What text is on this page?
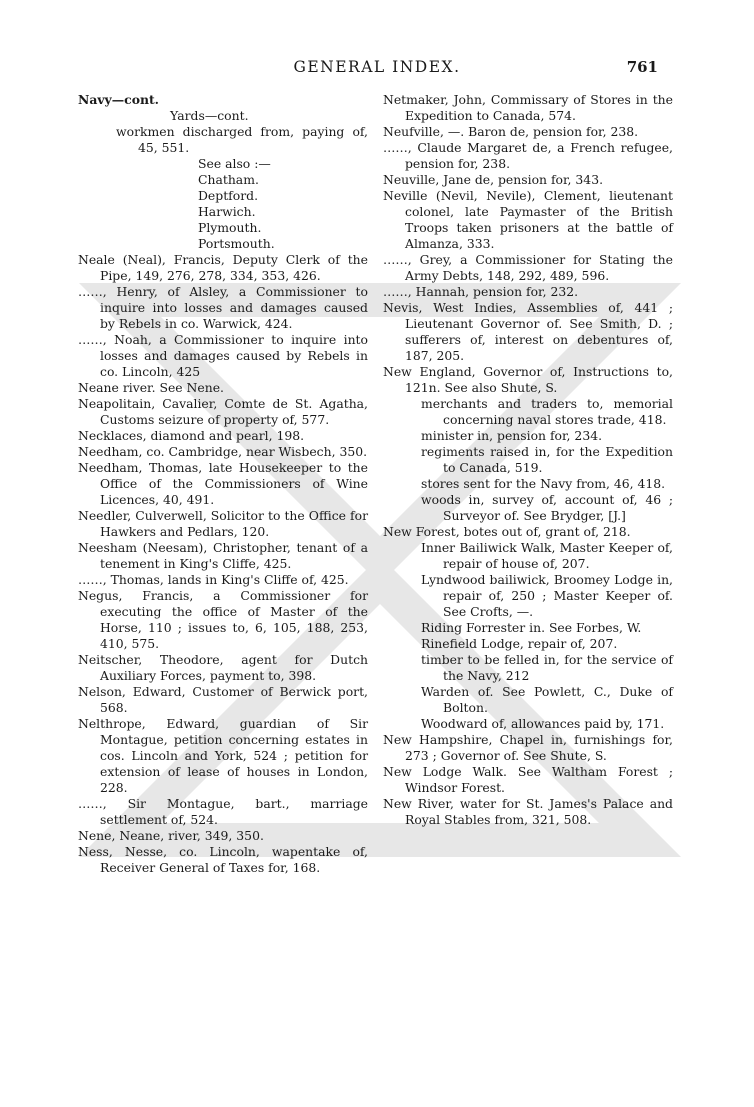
GENERAL INDEX.	761
Navy—cont.
Yards—cont.
workmen discharged from, paying of, 45, 551.
See also :—
Chatham.
Deptford.
Harwich.
Plymouth.
Portsmouth.
Neale (Neal), Francis, Deputy Clerk of the Pipe, 149, 276, 278, 334, 353, 426.
……, Henry, of Alsley, a Commissioner to inquire into losses and damages caused by Rebels in co. Warwick, 424.
……, Noah, a Commissioner to inquire into losses and damages caused by Rebels in co. Lincoln, 425
Neane river. See Nene.
Neapolitain, Cavalier, Comte de St. Agatha, Customs seizure of property of, 577.
Necklaces, diamond and pearl, 198.
Needham, co. Cambridge, near Wisbech, 350.
Needham, Thomas, late Housekeeper to the Office of the Commissioners of Wine Licences, 40, 491.
Needler, Culverwell, Solicitor to the Office for Hawkers and Pedlars, 120.
Neesham (Neesam), Christopher, tenant of a tenement in King's Cliffe, 425.
……, Thomas, lands in King's Cliffe of, 425.
Negus, Francis, a Commissioner for executing the office of Master of the Horse, 110 ; issues to, 6, 105, 188, 253, 410, 575.
Neitscher, Theodore, agent for Dutch Auxiliary Forces, payment to, 398.
Nelson, Edward, Customer of Berwick port, 568.
Nelthrope, Edward, guardian of Sir Montague, petition concerning estates in cos. Lincoln and York, 524 ; petition for extension of lease of houses in London, 228.
……, Sir Montague, bart., marriage settlement of, 524.
Nene, Neane, river, 349, 350.
Ness, Nesse, co. Lincoln, wapentake of, Receiver General of Taxes for, 168.
Netmaker, John, Commissary of Stores in the Expedition to Canada, 574.
Neufville, —. Baron de, pension for, 238.
……, Claude Margaret de, a French refugee, pension for, 238.
Neuville, Jane de, pension for, 343.
Neville (Nevil, Nevile), Clement, lieutenant colonel, late Paymaster of the British Troops taken prisoners at the battle of Almanza, 333.
……, Grey, a Commissioner for Stating the Army Debts, 148, 292, 489, 596.
……, Hannah, pension for, 232.
Nevis, West Indies, Assemblies of, 441 ; Lieutenant Governor of. See Smith, D. ; sufferers of, interest on debentures of, 187, 205.
New England, Governor of, Instructions to, 121n. See also Shute, S.
merchants and traders to, memorial concerning naval stores trade, 418.
minister in, pension for, 234.
regiments raised in, for the Expedition to Canada, 519.
stores sent for the Navy from, 46, 418.
woods in, survey of, account of, 46 ; Surveyor of. See Brydger, [J.]
New Forest, botes out of, grant of, 218.
Inner Bailiwick Walk, Master Keeper of, repair of house of, 207.
Lyndwood bailiwick, Broomey Lodge in, repair of, 250 ; Master Keeper of. See Crofts, —.
Riding Forrester in. See Forbes, W.
Rinefield Lodge, repair of, 207.
timber to be felled in, for the service of the Navy, 212
Warden of. See Powlett, C., Duke of Bolton.
Woodward of, allowances paid by, 171.
New Hampshire, Chapel in, furnishings for, 273 ; Governor of. See Shute, S.
New Lodge Walk. See Waltham Forest ; Windsor Forest.
New River, water for St. James's Palace and Royal Stables from, 321, 508.
